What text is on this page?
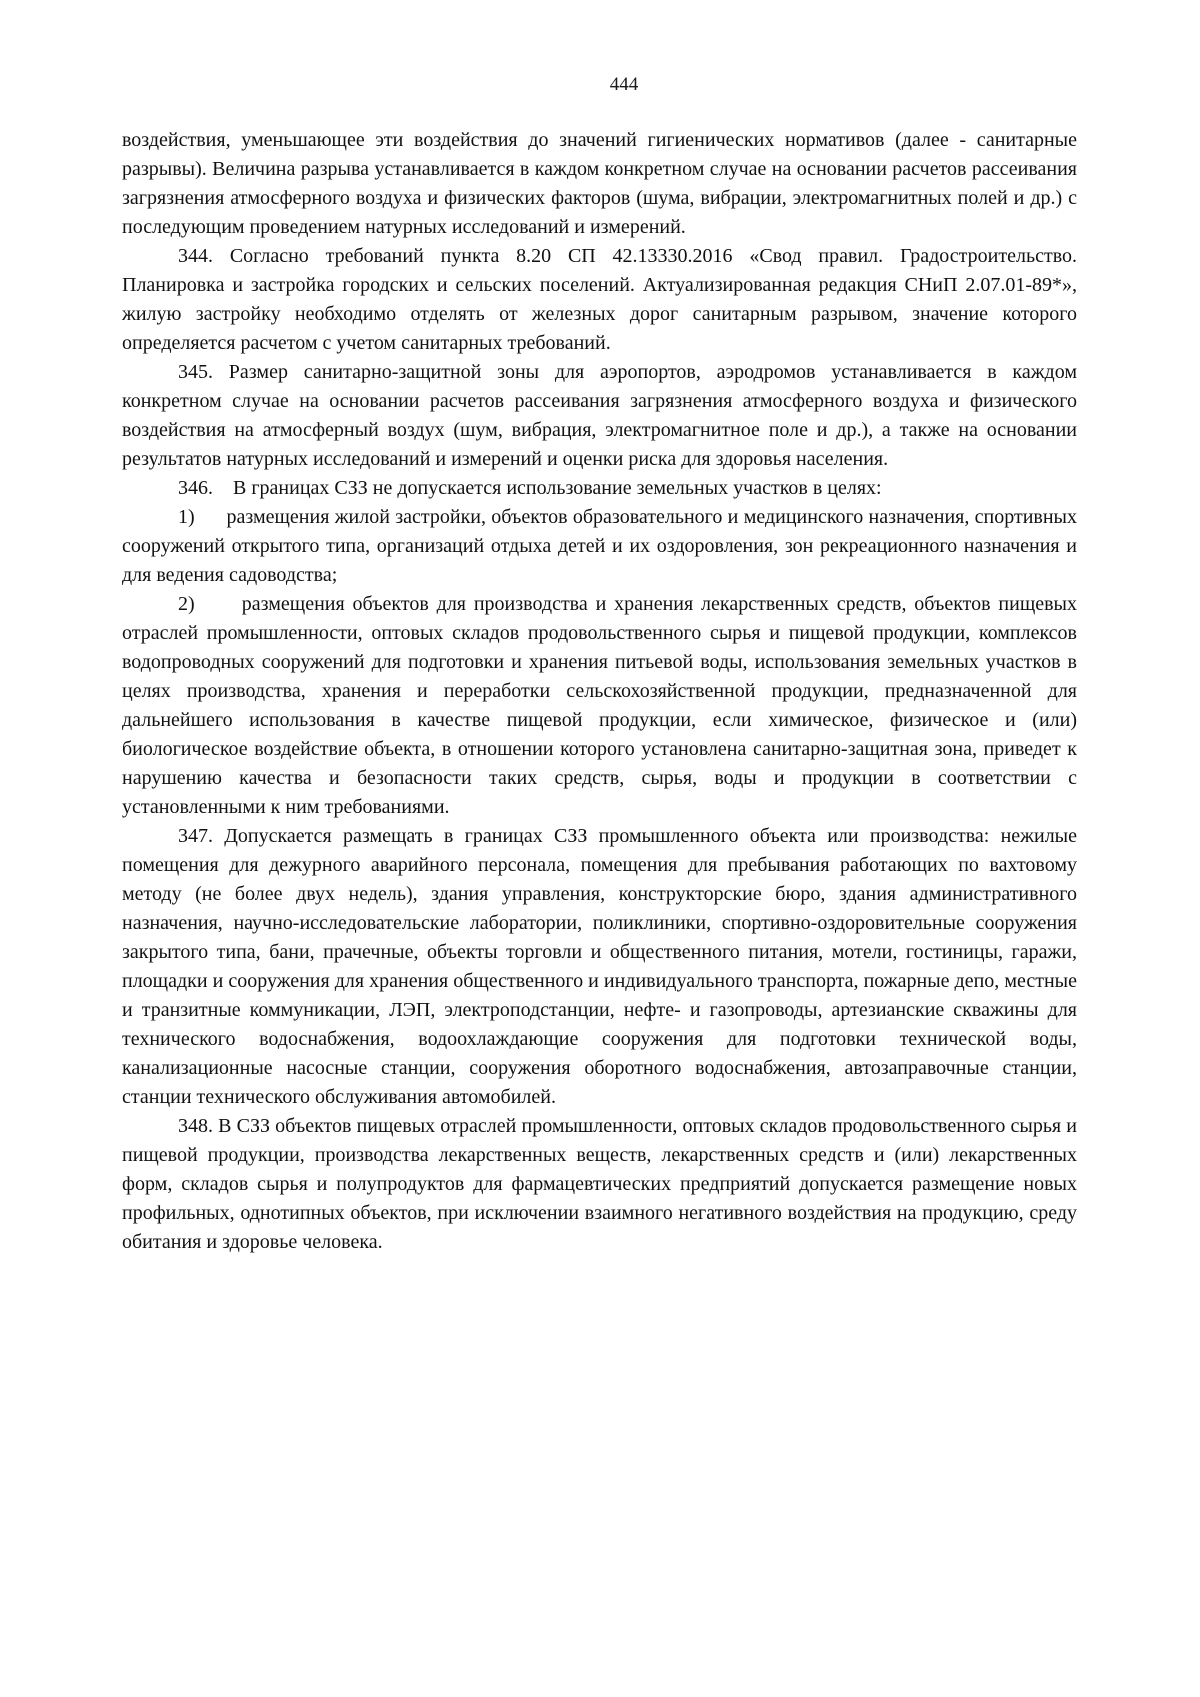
444

воздействия, уменьшающее эти воздействия до значений гигиенических нормативов (далее - санитарные разрывы). Величина разрыва устанавливается в каждом конкретном случае на основании расчетов рассеивания загрязнения атмосферного воздуха и физических факторов (шума, вибрации, электромагнитных полей и др.) с последующим проведением натурных исследований и измерений.

344. Согласно требований пункта 8.20 СП 42.13330.2016 «Свод правил. Градостроительство. Планировка и застройка городских и сельских поселений. Актуализированная редакция СНиП 2.07.01-89*», жилую застройку необходимо отделять от железных дорог санитарным разрывом, значение которого определяется расчетом с учетом санитарных требований.

345. Размер санитарно-защитной зоны для аэропортов, аэродромов устанавливается в каждом конкретном случае на основании расчетов рассеивания загрязнения атмосферного воздуха и физического воздействия на атмосферный воздух (шум, вибрация, электромагнитное поле и др.), а также на основании результатов натурных исследований и измерений и оценки риска для здоровья населения.

346.    В границах СЗЗ не допускается использование земельных участков в целях:

1)      размещения жилой застройки, объектов образовательного и медицинского назначения, спортивных сооружений открытого типа, организаций отдыха детей и их оздоровления, зон рекреационного назначения и для ведения садоводства;

2)      размещения объектов для производства и хранения лекарственных средств, объектов пищевых отраслей промышленности, оптовых складов продовольственного сырья и пищевой продукции, комплексов водопроводных сооружений для подготовки и хранения питьевой воды, использования земельных участков в целях производства, хранения и переработки сельскохозяйственной продукции, предназначенной для дальнейшего использования в качестве пищевой продукции, если химическое, физическое и (или) биологическое воздействие объекта, в отношении которого установлена санитарно-защитная зона, приведет к нарушению качества и безопасности таких средств, сырья, воды и продукции в соответствии с установленными к ним требованиями.

347. Допускается размещать в границах СЗЗ промышленного объекта или производства: нежилые помещения для дежурного аварийного персонала, помещения для пребывания работающих по вахтовому методу (не более двух недель), здания управления, конструкторские бюро, здания административного назначения, научно-исследовательские лаборатории, поликлиники, спортивно-оздоровительные сооружения закрытого типа, бани, прачечные, объекты торговли и общественного питания, мотели, гостиницы, гаражи, площадки и сооружения для хранения общественного и индивидуального транспорта, пожарные депо, местные и транзитные коммуникации, ЛЭП, электроподстанции, нефте- и газопроводы, артезианские скважины для технического водоснабжения, водоохлаждающие сооружения для подготовки технической воды, канализационные насосные станции, сооружения оборотного водоснабжения, автозаправочные станции, станции технического обслуживания автомобилей.

348. В СЗЗ объектов пищевых отраслей промышленности, оптовых складов продовольственного сырья и пищевой продукции, производства лекарственных веществ, лекарственных средств и (или) лекарственных форм, складов сырья и полупродуктов для фармацевтических предприятий допускается размещение новых профильных, однотипных объектов, при исключении взаимного негативного воздействия на продукцию, среду обитания и здоровье человека.
